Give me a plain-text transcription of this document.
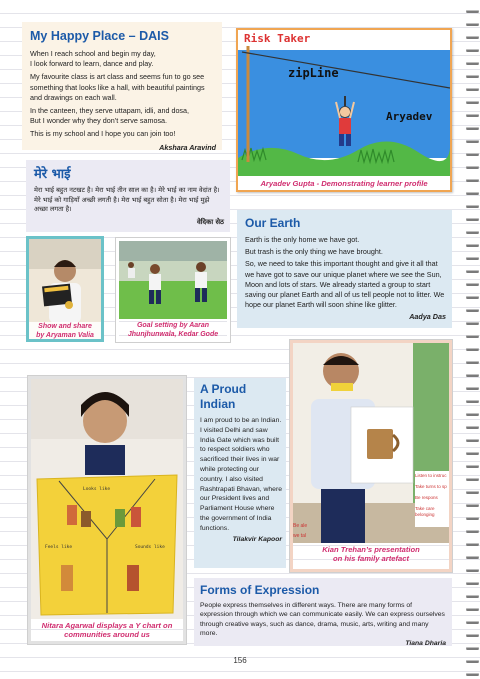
My Happy Place – DAIS

When I reach school and begin my day,
I look forward to learn, dance and play.

My favourite class is art class and seems fun to go see
something that looks like a hall, with beautiful paintings
and drawings on each wall.

In the canteen, they serve uttapam, idli, and dosa,
But I wonder why they don’t serve samosa.

This is my school and I hope you can join too!

Akshara Aravind
Risk Taker
zipLine
Aryadev
Aryadev Gupta - Demonstrating learner profile
मेरे भाई

मेरा भाई बहुत नटखट है। मेरा भाई तीन साल का है। मेरे भाई का नाम वेदांत है। मेरे भाई को गाड़ियाँ अच्छी लगती है। मेरा भाई बहुत सोता है। मेरा भाई मुझे अच्छा लगता है।

वेदिका सेठ Our Earth

Earth is the only home we have got.

But trash is the only thing we have brought.

So, we need to take this important thought and give it all that we have got to save our unique planet where we see the Sun, Moon and lots of stars. We already started a group to start saving our planet Earth and all of us tell people not to litter. We hope our planet Earth will soon shine like glitter.

Aadya Das
Show and share
by Aryaman Valia
Goal setting by Aaran
Jhunjhunwala, Kedar Gode
Listen to instruc
Take turns to sp
Be respons
Take care
belonging
Be ale
we tal
Kian Trehan’s presentation
on his family artefact
A Proud
Indian

I am proud to be an Indian. I visited Delhi and saw India Gate which was built to respect soldiers who sacrificed their lives in war while protecting our country. I also visited Rashtrapati Bhavan, where our President lives and Parliament House where the government of India functions.

Tilakvir Kapoor
Looks like
Feels like	Sounds like
Nitara Agarwal displays a Y chart on
communities around us
Forms of Expression

People express themselves in different ways. There are many forms of expression through which we can communicate easily. We can express ourselves through creative ways, such as dance, drama, music, arts, writing and many more.

Tiana Dharia
156
